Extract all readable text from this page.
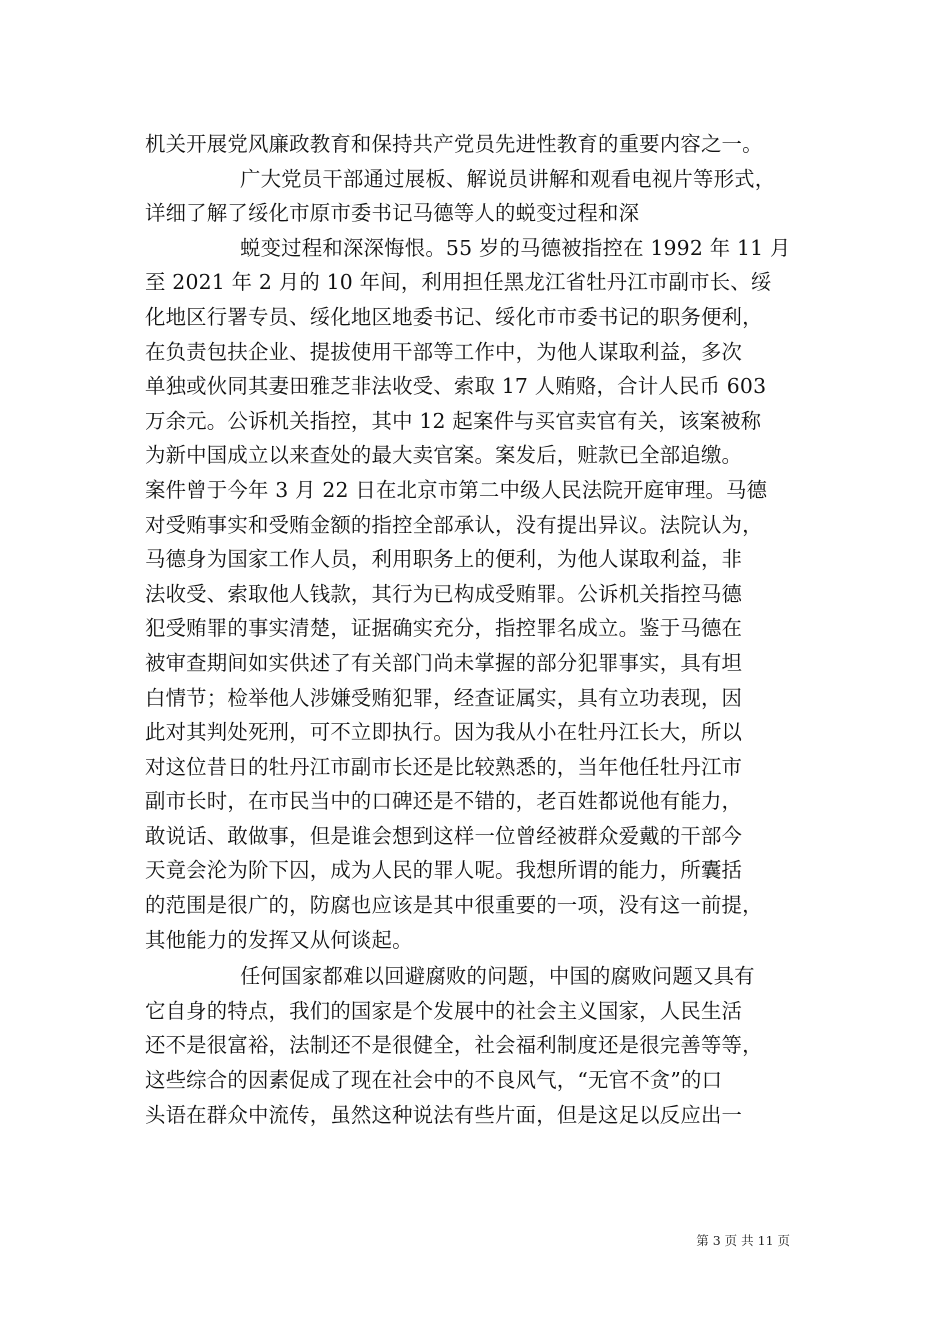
机关开展党风廉政教育和保持共产党员先进性教育的重要内容之一。
广大党员干部通过展板、解说员讲解和观看电视片等形式，
详细了解了绥化市原市委书记马德等人的蜕变过程和深
蜕变过程和深深悔恨。55 岁的马德被指控在 1992 年 11 月
至 2021 年 2 月的 10 年间，利用担任黑龙江省牡丹江市副市长、绥
化地区行署专员、绥化地区地委书记、绥化市市委书记的职务便利，
在负责包扶企业、提拔使用干部等工作中，为他人谋取利益，多次
单独或伙同其妻田雅芝非法收受、索取 17 人贿赂，合计人民币 603
万余元。公诉机关指控，其中 12 起案件与买官卖官有关，该案被称
为新中国成立以来查处的最大卖官案。案发后，赃款已全部追缴。
案件曾于今年 3 月 22 日在北京市第二中级人民法院开庭审理。马德
对受贿事实和受贿金额的指控全部承认，没有提出异议。法院认为，
马德身为国家工作人员，利用职务上的便利，为他人谋取利益，非
法收受、索取他人钱款，其行为已构成受贿罪。公诉机关指控马德
犯受贿罪的事实清楚，证据确实充分，指控罪名成立。鉴于马德在
被审查期间如实供述了有关部门尚未掌握的部分犯罪事实，具有坦
白情节；检举他人涉嫌受贿犯罪，经查证属实，具有立功表现，因
此对其判处死刑，可不立即执行。因为我从小在牡丹江长大，所以
对这位昔日的牡丹江市副市长还是比较熟悉的，当年他任牡丹江市
副市长时，在市民当中的口碑还是不错的，老百姓都说他有能力，
敢说话、敢做事，但是谁会想到这样一位曾经被群众爱戴的干部今
天竟会沦为阶下囚，成为人民的罪人呢。我想所谓的能力，所囊括
的范围是很广的，防腐也应该是其中很重要的一项，没有这一前提，
其他能力的发挥又从何谈起。
任何国家都难以回避腐败的问题，中国的腐败问题又具有
它自身的特点，我们的国家是个发展中的社会主义国家，人民生活
还不是很富裕，法制还不是很健全，社会福利制度还是很完善等等，
这些综合的因素促成了现在社会中的不良风气，“无官不贪”的口
头语在群众中流传，虽然这种说法有些片面，但是这足以反应出一
第 3 页 共 11 页
